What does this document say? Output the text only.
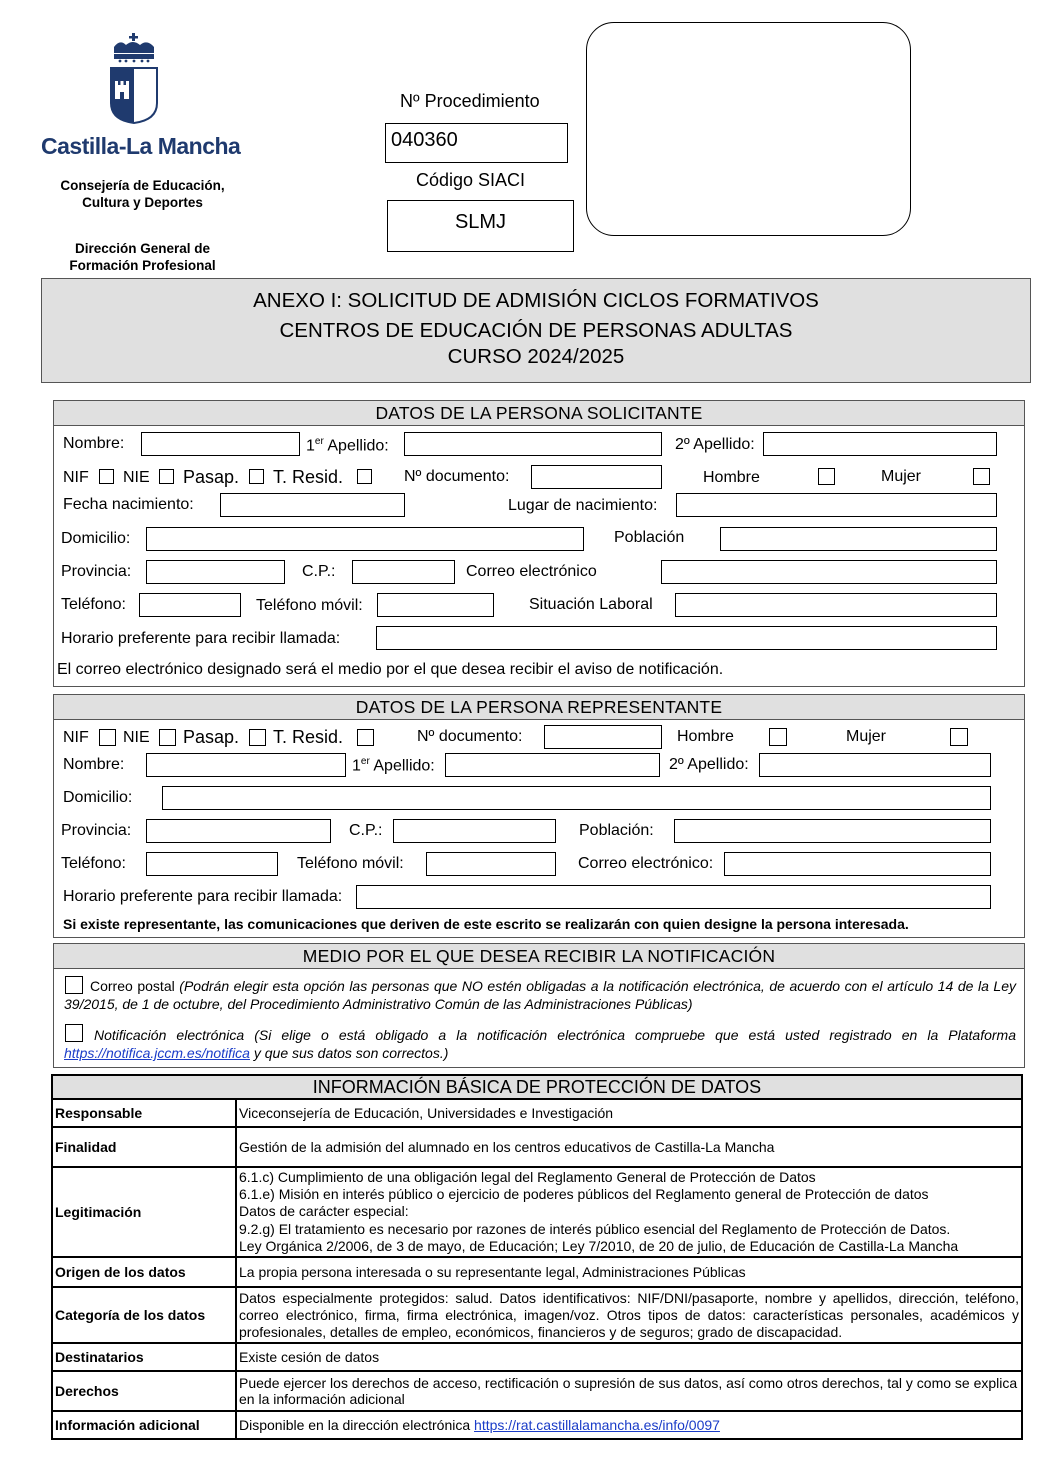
Castilla-La Mancha
Consejería de Educación, Cultura y Deportes
Dirección General de Formación Profesional
Nº Procedimiento
040360
Código SIACI
SLMJ
ANEXO I: SOLICITUD DE ADMISIÓN CICLOS FORMATIVOS
CENTROS DE EDUCACIÓN DE PERSONAS ADULTAS
CURSO 2024/2025
DATOS DE LA PERSONA SOLICITANTE
Nombre:	1er Apellido:	2º Apellido:
NIF NIE Pasap. T. Resid.	Nº documento:	Hombre	Mujer
Fecha nacimiento:	Lugar de nacimiento:
Domicilio:	Población
Provincia:	C.P.:	Correo electrónico
Teléfono:	Teléfono móvil:	Situación Laboral
Horario preferente para recibir llamada:
El correo electrónico designado será el medio por el que desea recibir el aviso de notificación.
DATOS DE LA PERSONA REPRESENTANTE
NIF NIE Pasap. T. Resid.	Nº documento:	Hombre	Mujer
Nombre:	1er Apellido:	2º Apellido:
Domicilio:
Provincia:	C.P.:	Población:
Teléfono:	Teléfono móvil:	Correo electrónico:
Horario preferente para recibir llamada:
Si existe representante, las comunicaciones que deriven de este escrito se realizarán con quien designe la persona interesada.
MEDIO POR EL QUE DESEA RECIBIR LA NOTIFICACIÓN
Correo postal (Podrán elegir esta opción las personas que NO estén obligadas a la notificación electrónica, de acuerdo con el artículo 14 de la Ley 39/2015, de 1 de octubre, del Procedimiento Administrativo Común de las Administraciones Públicas)
Notificación electrónica (Si elige o está obligado a la notificación electrónica compruebe que está usted registrado en la Plataforma https://notifica.jccm.es/notifica y que sus datos son correctos.)
INFORMACIÓN BÁSICA DE PROTECCIÓN DE DATOS	
Responsable	Viceconsejería de Educación, Universidades e Investigación
Finalidad	Gestión de la admisión del alumnado en los centros educativos de Castilla-La Mancha
Legitimación	6.1.c) Cumplimiento de una obligación legal del Reglamento General de Protección de Datos
6.1.e) Misión en interés público o ejercicio de poderes públicos del Reglamento general de Protección de datos
Datos de carácter especial:
9.2.g) El tratamiento es necesario por razones de interés público esencial del Reglamento de Protección de Datos.
Ley Orgánica 2/2006, de 3 de mayo, de Educación; Ley 7/2010, de 20 de julio, de Educación de Castilla-La Mancha

Origen de los datos	La propia persona interesada o su representante legal, Administraciones Públicas
Categoría de los datos	Datos especialmente protegidos: salud. Datos identificativos: NIF/DNI/pasaporte, nombre y apellidos, dirección, teléfono, correo electrónico, firma, firma electrónica, imagen/voz. Otros tipos de datos: características personales, académicos y profesionales, detalles de empleo, económicos, financieros y de seguros; grado de discapacidad.
Destinatarios	Existe cesión de datos
Derechos	Puede ejercer los derechos de acceso, rectificación o supresión de sus datos, así como otros derechos, tal y como se explica en la información adicional
Información adicional	Disponible en la dirección electrónica https://rat.castillalamancha.es/info/0097
